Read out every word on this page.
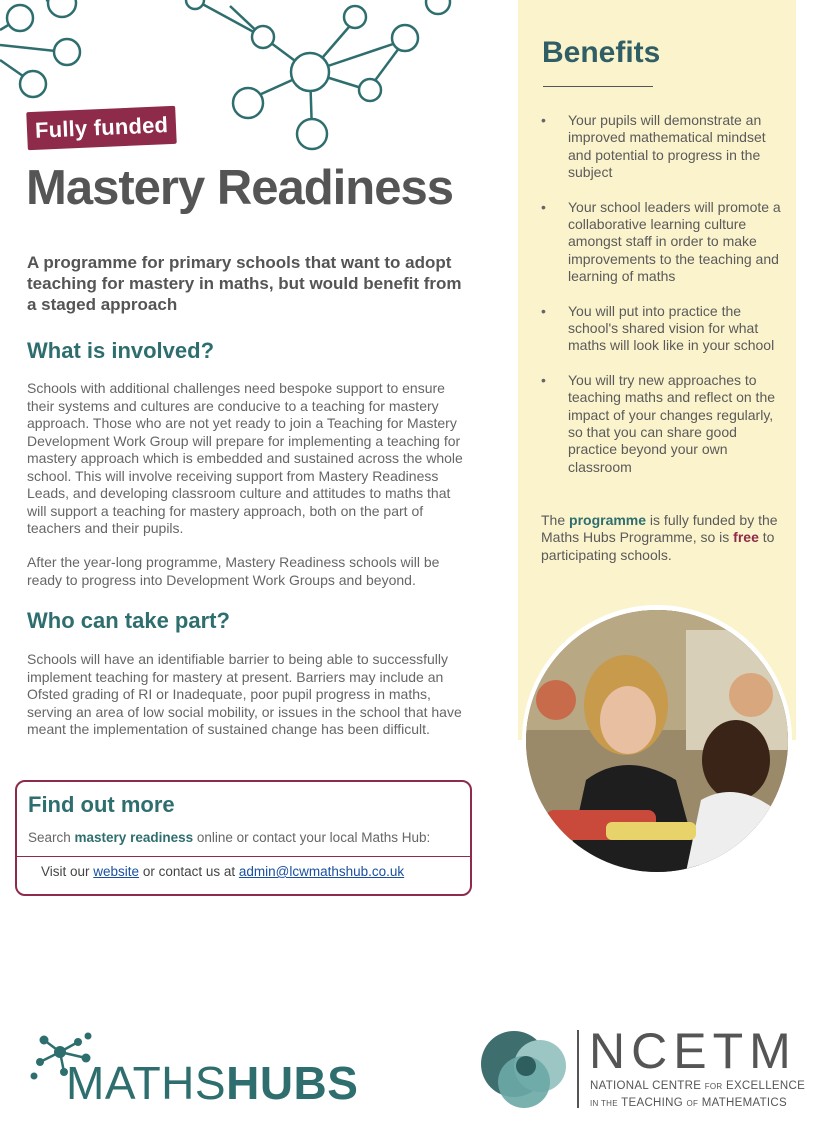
Fully funded
Mastery Readiness

A programme for primary schools that want to adopt teaching for mastery in maths, but would benefit from a staged approach

What is involved?

Schools with additional challenges need bespoke support to ensure their systems and cultures are conducive to a teaching for mastery approach. Those who are not yet ready to join a Teaching for Mastery Development Work Group will prepare for implementing a teaching for mastery approach which is embedded and sustained across the whole school. This will involve receiving support from Mastery Readiness Leads, and developing classroom culture and attitudes to maths that will support a teaching for mastery approach, both on the part of teachers and their pupils.

After the year-long programme, Mastery Readiness schools will be ready to progress into Development Work Groups and beyond.

Who can take part?

Schools will have an identifiable barrier to being able to successfully implement teaching for mastery at present. Barriers may include an Ofsted grading of RI or Inadequate, poor pupil progress in maths, serving an area of low social mobility, or issues in the school that have meant the implementation of sustained change has been difficult.

Find out more
Search mastery readiness online or contact your local Maths Hub:
Visit our website or contact us at admin@lcwmathshub.co.uk
Benefits
• Your pupils will demonstrate an improved mathematical mindset and potential to progress in the subject
• Your school leaders will promote a collaborative learning culture amongst staff in order to make improvements to the teaching and learning of maths
• You will put into practice the school's shared vision for what maths will look like in your school
• You will try new approaches to teaching maths and reflect on the impact of your changes regularly, so that you can share good practice beyond your own classroom

The programme is fully funded by the Maths Hubs Programme, so is free to participating schools.

MATHSHUBS
NCETM
NATIONAL CENTRE FOR EXCELLENCE
IN THE TEACHING OF MATHEMATICS
